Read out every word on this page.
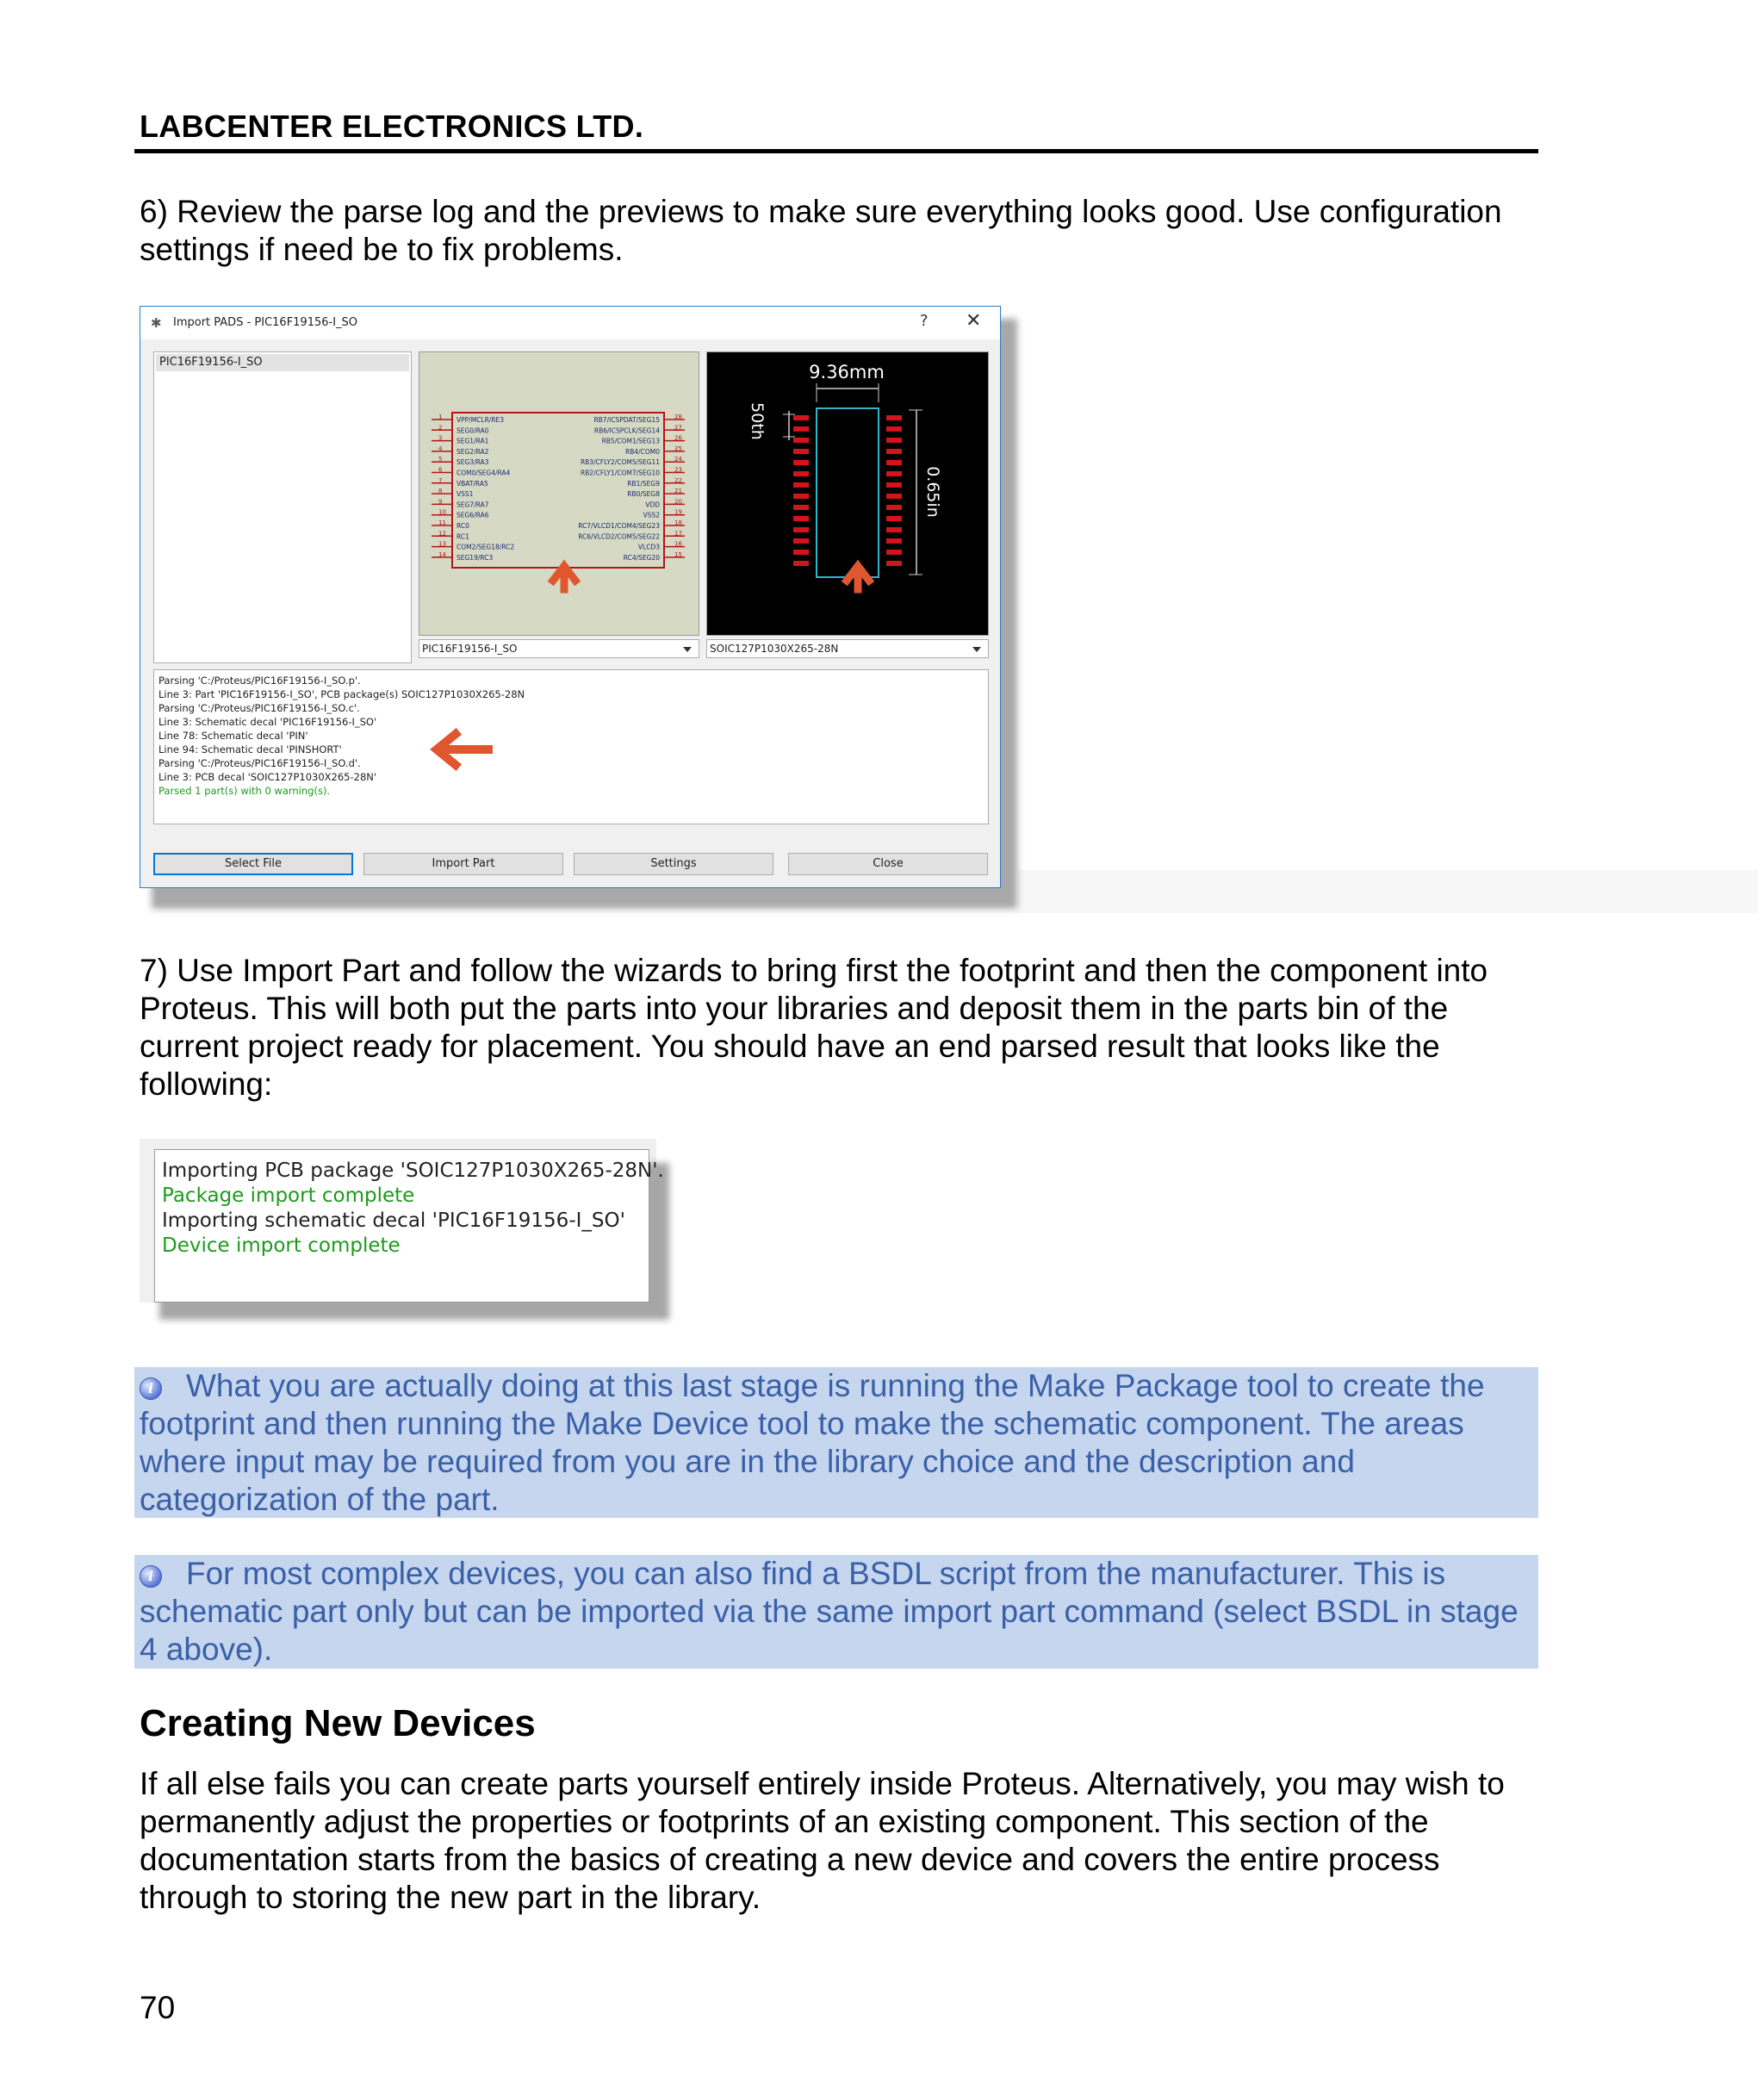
LABCENTER ELECTRONICS LTD.

6) Review the parse log and the previews to make sure everything looks good. Use configuration settings if need be to fix problems.

✱	Import PADS - PIC16F19156-I_SO	? ✕
PIC16F19156-I_SO
1 VPP/MCLR/RE3
2 SEG0/RA0
3 SEG1/RA1
4 SEG2/RA2
5 SEG3/RA3
6 COM0/SEG4/RA4
7 VBAT/RA5
8 VSS1
9 SEG7/RA7
10 SEG6/RA6
11 RC0
12 RC1
13 COM2/SEG18/RC2
14 SEG19/RC3
28
RB7/ICSPDAT/SEG15
27
RB6/ICSPCLK/SEG14
26
RB5/COM1/SEG13
25
RB4/COM0
24
RB3/CFLY2/COM5/SEG11
23
RB2/CFLY1/COM7/SEG10
22
RB1/SEG9
21
RB0/SEG8
20
VDD
19
VSS2
18
RC7/VLCD1/COM4/SEG23
17
RC6/VLCD2/COM5/SEG22
16
VLCD3
15
RC4/SEG20
PIC16F19156-I_SO
9.36mm
50th
0.65in
SOIC127P1030X265-28N
Parsing 'C:/Proteus/PIC16F19156-I_SO.p'.
Line 3: Part 'PIC16F19156-I_SO', PCB package(s) SOIC127P1030X265-28N
Parsing 'C:/Proteus/PIC16F19156-I_SO.c'.
Line 3: Schematic decal 'PIC16F19156-I_SO'
Line 78: Schematic decal 'PIN'
Line 94: Schematic decal 'PINSHORT'
Parsing 'C:/Proteus/PIC16F19156-I_SO.d'.
Line 3: PCB decal 'SOIC127P1030X265-28N'
Parsed 1 part(s) with 0 warning(s).
Select File	Import Part	Settings	Close

7) Use Import Part and follow the wizards to bring first the footprint and then the component into Proteus. This will both put the parts into your libraries and deposit them in the parts bin of the current project ready for placement. You should have an end parsed result that looks like the following:

Importing PCB package 'SOIC127P1030X265-28N'.
Package import complete
Importing schematic decal 'PIC16F19156-I_SO'
Device import complete
i What you are actually doing at this last stage is running the Make Package tool to create the footprint and then running the Make Device tool to make the schematic component. The areas where input may be required from you are in the library choice and the description and categorization of the part.
i For most complex devices, you can also find a BSDL script from the manufacturer. This is schematic part only but can be imported via the same import part command (select BSDL in stage 4 above).
Creating New Devices

If all else fails you can create parts yourself entirely inside Proteus. Alternatively, you may wish to permanently adjust the properties or footprints of an existing component. This section of the documentation starts from the basics of creating a new device and covers the entire process through to storing the new part in the library.

70
